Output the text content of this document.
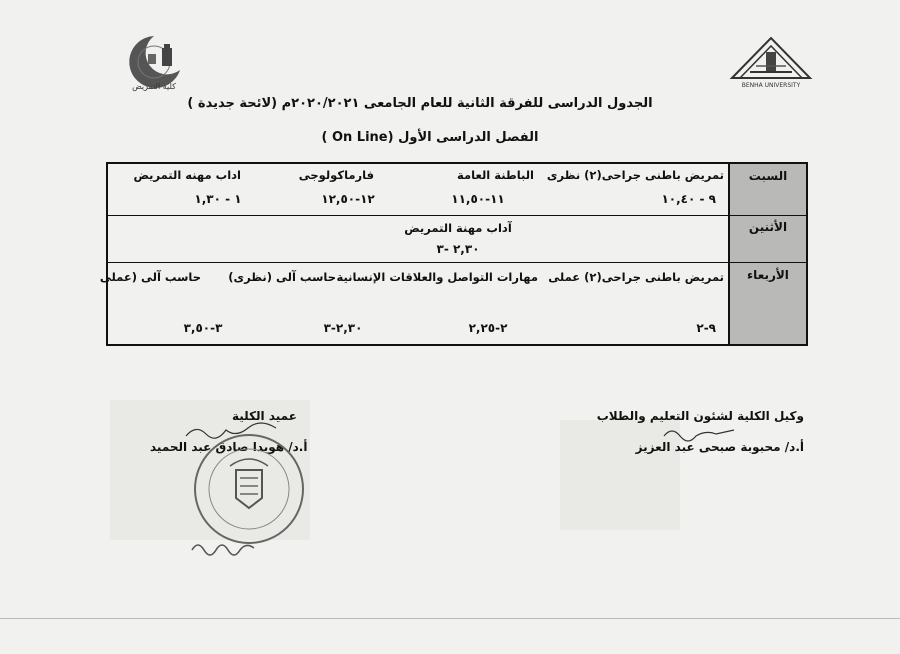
كلية التمريض	BENHA UNIVERSITY
الجدول الدراسى للفرقة الثانية للعام الجامعى ٢٠٢٠/٢٠٢١م (لائحة جديدة )
الفصل الدراسى الأول (On Line )
السبت
الأثنين
الأربعاء
تمريض باطنى جراحى(٢) نظرى
٩ - ١٠,٤٠
الباطنة العامة
١١-١١,٥٠
فارماكولوجى
١٢-١٢,٥٠
اداب مهنه التمريض
١ - ١,٣٠
آداب مهنة التمريض
٢,٣٠ -٣
تمريض باطنى جراحى(٢) عملى
٩-٢
مهارات التواصل والعلاقات الإنسانية
٢-٢,٢٥
حاسب آلى (نظرى)
٢,٣٠-٣
حاسب آلى (عملى
٣-٣,٥٠
وكيل الكلية لشئون التعليم والطلاب
أ.د/ محبوبة صبحى عبد العزيز
عميد الكلية
أ.د/ هويدا صادق عبد الحميد
